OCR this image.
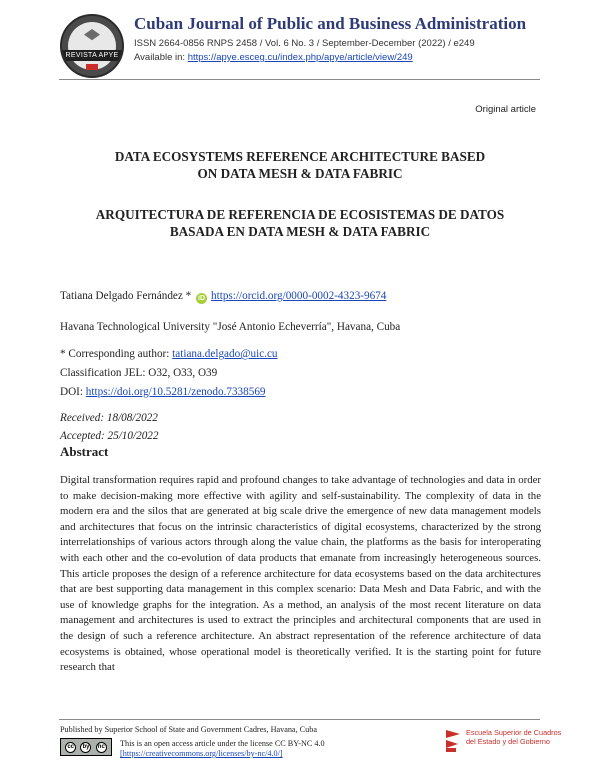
REVISTA APYE
Cuban Journal of Public and Business Administration
ISSN 2664-0856 RNPS 2458 / Vol. 6 No. 3 / September-December (2022) / e249
Available in: https://apye.esceg.cu/index.php/apye/article/view/249
Original article
DATA ECOSYSTEMS REFERENCE ARCHITECTURE BASED
ON DATA MESH & DATA FABRIC
ARQUITECTURA DE REFERENCIA DE ECOSISTEMAS DE DATOS
BASADA EN DATA MESH & DATA FABRIC
Tatiana Delgado Fernández * iD https://orcid.org/0000-0002-4323-9674
Havana Technological University "José Antonio Echeverría", Havana, Cuba
* Corresponding author: tatiana.delgado@uic.cu
Classification JEL: O32, O33, O39
DOI: https://doi.org/10.5281/zenodo.7338569
Received: 18/08/2022
Accepted: 25/10/2022
Abstract
Digital transformation requires rapid and profound changes to take advantage of technologies and data in order to make decision-making more effective with agility and self-sustainability. The complexity of data in the modern era and the silos that are generated at big scale drive the emergence of new data management models and architectures that focus on the intrinsic characteristics of digital ecosystems, characterized by the strong interrelationships of various actors through along the value chain, the platforms as the basis for interoperating with each other and the co-evolution of data products that emanate from increasingly heterogeneous sources. This article proposes the design of a reference architecture for data ecosystems based on the data architectures that are best supporting data management in this complex scenario: Data Mesh and Data Fabric, and with the use of knowledge graphs for the integration. As a method, an analysis of the most recent literature on data management and architectures is used to extract the principles and architectural components that are used in the design of such a reference architecture. An abstract representation of the reference architecture of data ecosystems is obtained, whose operational model is theoretically verified. It is the starting point for future research that
Published by Superior School of State and Government Cadres, Havana, Cuba
cc	by	nc This is an open access article under the license CC BY-NC 4.0
[https://creativecommons.org/licenses/by-nc/4.0/]
Escuela Superior de Cuadros
del Estado y del Gobierno
